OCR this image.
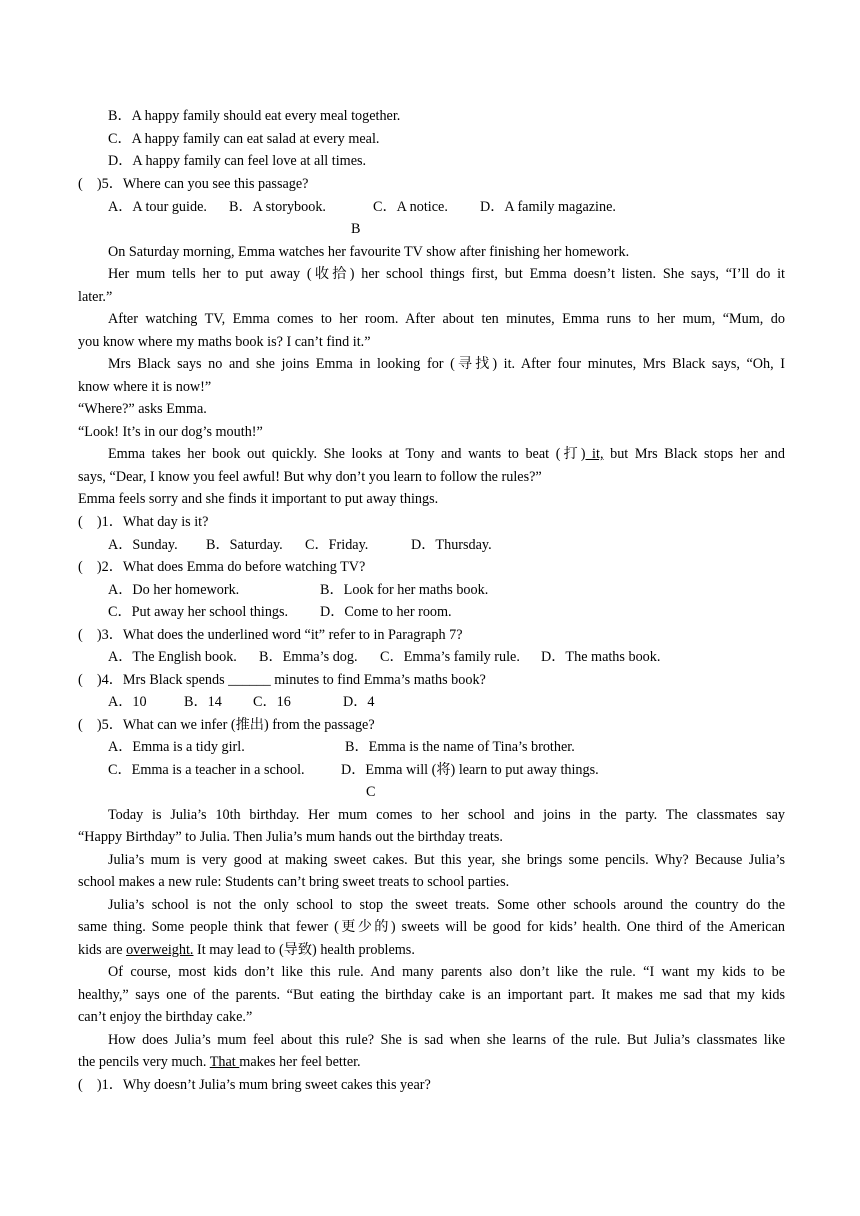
B．A happy family should eat every meal together.
C．A happy family can eat salad at every meal.
D．A happy family can feel love at all times.
(　)5．Where can you see this passage?
A．A tour guide. B．A storybook.	C．A notice. D．A family magazine.
B
On Saturday morning, Emma watches her favourite TV show after finishing her homework.
Her mum tells her to put away (收拾) her school things first, but Emma doesn’t listen. She says, “I’ll do it
later.”
After watching TV, Emma comes to her room. After about ten minutes, Emma runs to her mum, “Mum, do
you know where my maths book is? I can’t find it.”
Mrs Black says no and she joins Emma in looking for (寻找) it. After four minutes, Mrs Black says, “Oh, I
know where it is now!”
“Where?” asks Emma.
“Look! It’s in our dog’s mouth!”
Emma takes her book out quickly. She looks at Tony and wants to beat (打) it, but Mrs Black stops her and
says, “Dear, I know you feel awful! But why don’t you learn to follow the rules?”
Emma feels sorry and she finds it important to put away things.
(　)1．What day is it?
A．Sunday. B．Saturday. C．Friday.	D．Thursday.
(　)2．What does Emma do before watching TV?
A．Do her homework.	B．Look for her maths book.
C．Put away her school things. D．Come to her room.
(　)3．What does the underlined word “it” refer to in Paragraph 7?
A．The English book. B．Emma’s dog. C．Emma’s family rule. D．The maths book.
(　)4．Mrs Black spends ______ minutes to find Emma’s maths book?
A．10	B．14 C．16	D．4
(　)5．What can we infer (推出) from the passage?
A．Emma is a tidy girl.	B．Emma is the name of Tina’s brother.
C．Emma is a teacher in a school.	D．Emma will (将) learn to put away things.
C
Today is Julia’s 10th birthday. Her mum comes to her school and joins in the party. The classmates say
“Happy Birthday” to Julia. Then Julia’s mum hands out the birthday treats.
Julia’s mum is very good at making sweet cakes. But this year, she brings some pencils. Why? Because Julia’s
school makes a new rule: Students can’t bring sweet treats to school parties.
Julia’s school is not the only school to stop the sweet treats. Some other schools around the country do the
same thing. Some people think that fewer (更少的) sweets will be good for kids’ health. One third of the American
kids are overweight. It may lead to (导致) health problems.
Of course, most kids don’t like this rule. And many parents also don’t like the rule. “I want my kids to be
healthy,” says one of the parents. “But eating the birthday cake is an important part. It makes me sad that my kids
can’t enjoy the birthday cake.”
How does Julia’s mum feel about this rule? She is sad when she learns of the rule. But Julia’s classmates like
the pencils very much. That makes her feel better.
(　)1．Why doesn’t Julia’s mum bring sweet cakes this year?
